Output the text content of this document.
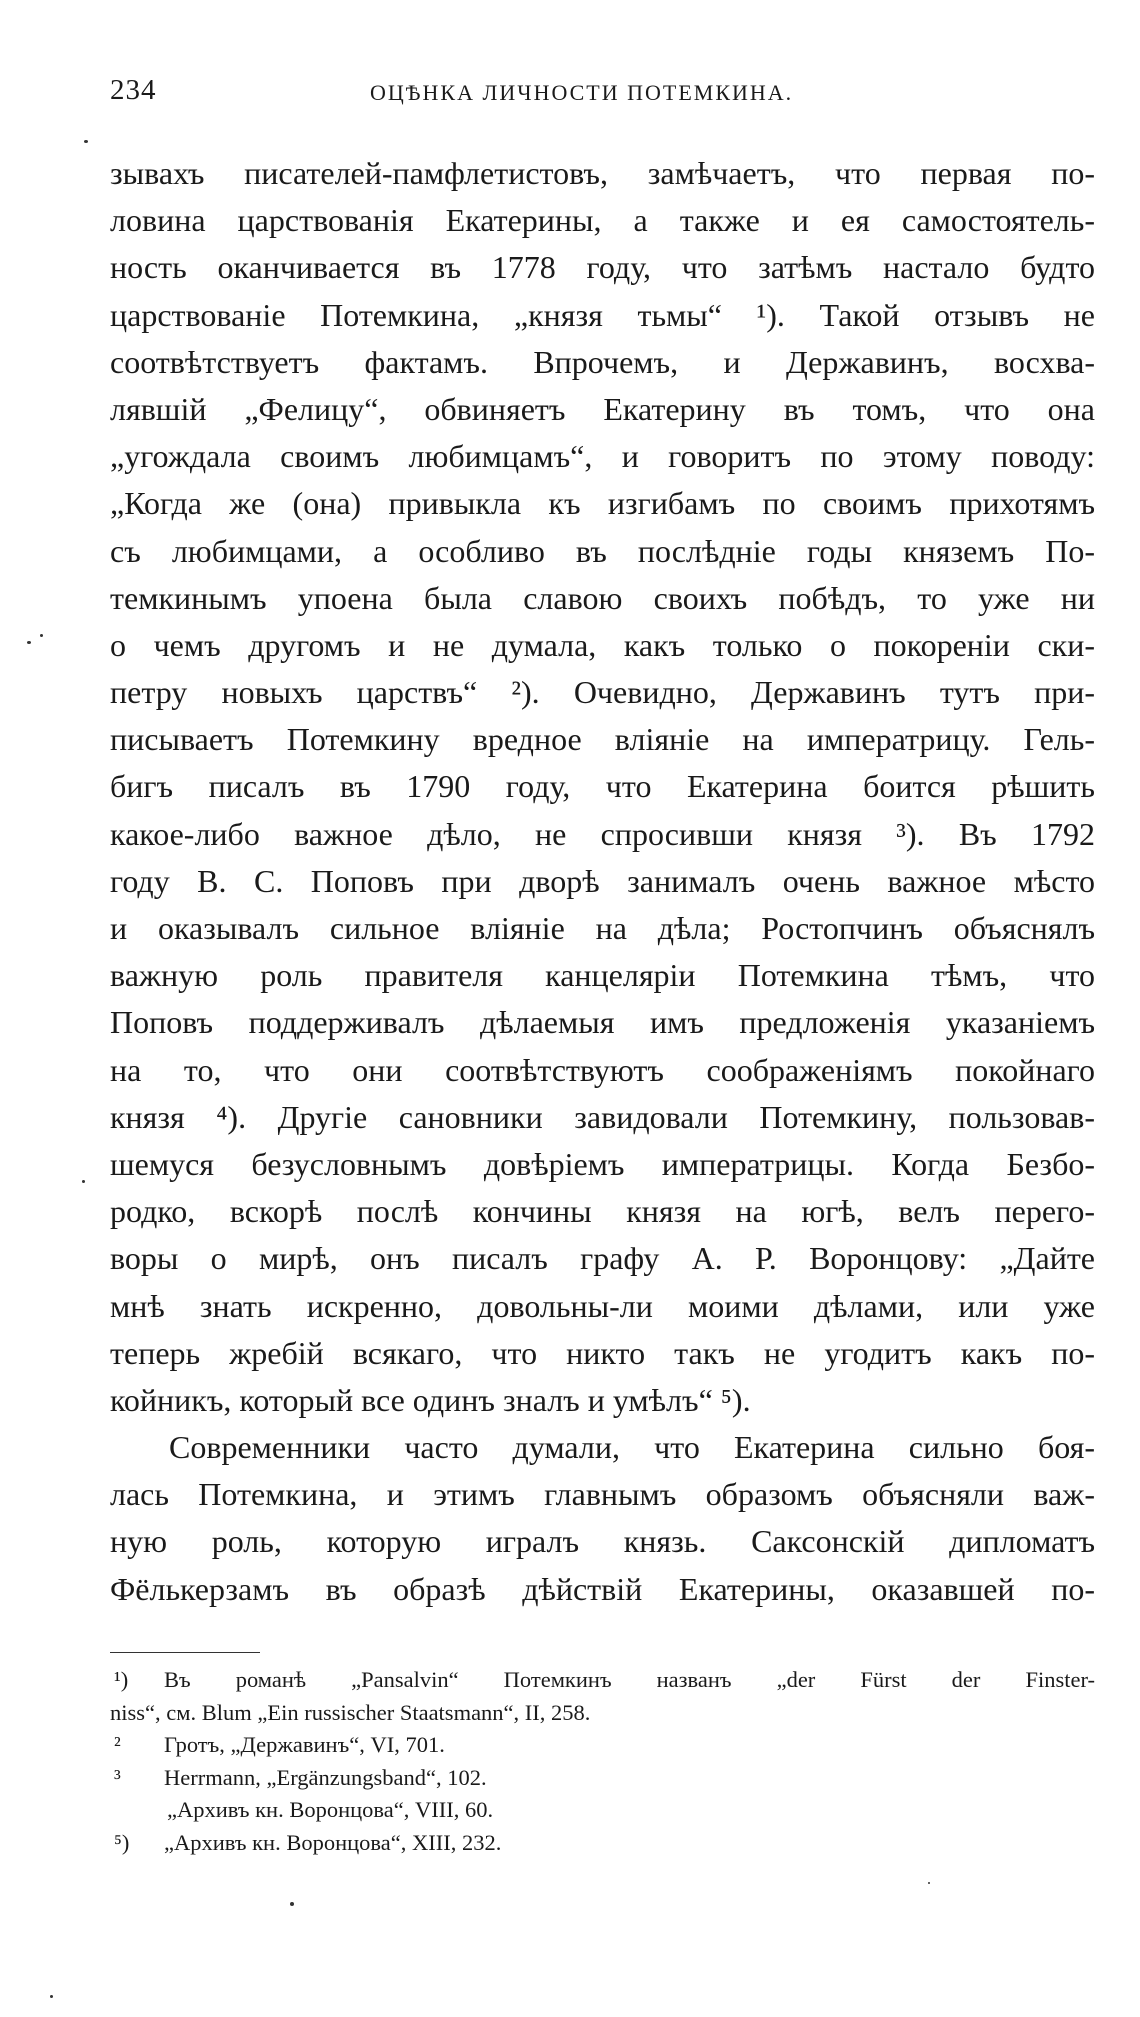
234	ОЦѢНКА ЛИЧНОСТИ ПОТЕМКИНА.
зывахъ писателей-памфлетистовъ, замѣчаетъ, что первая по-
ловина царствованія Екатерины, а также и ея самостоятель-
ность оканчивается въ 1778 году, что затѣмъ настало будто
царствованіе Потемкина, „князя тьмы“ ¹). Такой отзывъ не
соотвѣтствуетъ фактамъ. Впрочемъ, и Державинъ, восхва-
лявшій „Фелицу“, обвиняетъ Екатерину въ томъ, что она
„угождала своимъ любимцамъ“, и говоритъ по этому поводу:
„Когда же (она) привыкла къ изгибамъ по своимъ прихотямъ
съ любимцами, а особливо въ послѣдніе годы княземъ По-
темкинымъ упоена была славою своихъ побѣдъ, то уже ни
о чемъ другомъ и не думала, какъ только о покореніи ски-
петру новыхъ царствъ“ ²). Очевидно, Державинъ тутъ при-
писываетъ Потемкину вредное вліяніе на императрицу. Гель-
бигъ писалъ въ 1790 году, что Екатерина боится рѣшить
какое-либо важное дѣло, не спросивши князя ³). Въ 1792
году В. С. Поповъ при дворѣ занималъ очень важное мѣсто
и оказывалъ сильное вліяніе на дѣла; Ростопчинъ объяснялъ
важную роль правителя канцеляріи Потемкина тѣмъ, что
Поповъ поддерживалъ дѣлаемыя имъ предложенія указаніемъ
на то, что они соотвѣтствуютъ соображеніямъ покойнаго
князя ⁴). Другіе сановники завидовали Потемкину, пользовав-
шемуся безусловнымъ довѣріемъ императрицы. Когда Безбо-
родко, вскорѣ послѣ кончины князя на югѣ, велъ перего-
воры о мирѣ, онъ писалъ графу А. Р. Воронцову: „Дайте
мнѣ знать искренно, довольны-ли моими дѣлами, или уже
теперь жребій всякаго, что никто такъ не угодитъ какъ по-
койникъ, который все одинъ зналъ и умѣлъ“ ⁵).
Современники часто думали, что Екатерина сильно боя-
лась Потемкина, и этимъ главнымъ образомъ объясняли важ-
ную роль, которую игралъ князь. Саксонскій дипломатъ
Фёлькерзамъ въ образѣ дѣйствій Екатерины, оказавшей по-
¹) Въ романѣ „Pansalvin“ Потемкинъ названъ „der Fürst der Finster-
niss“, см. Blum „Ein russischer Staatsmann“, II, 258.
² Гротъ, „Державинъ“, VI, 701.
³ Herrmann, „Ergänzungsband“, 102.
„Архивъ кн. Воронцова“, VIII, 60.
⁵) „Архивъ кн. Воронцова“, XIII, 232.
